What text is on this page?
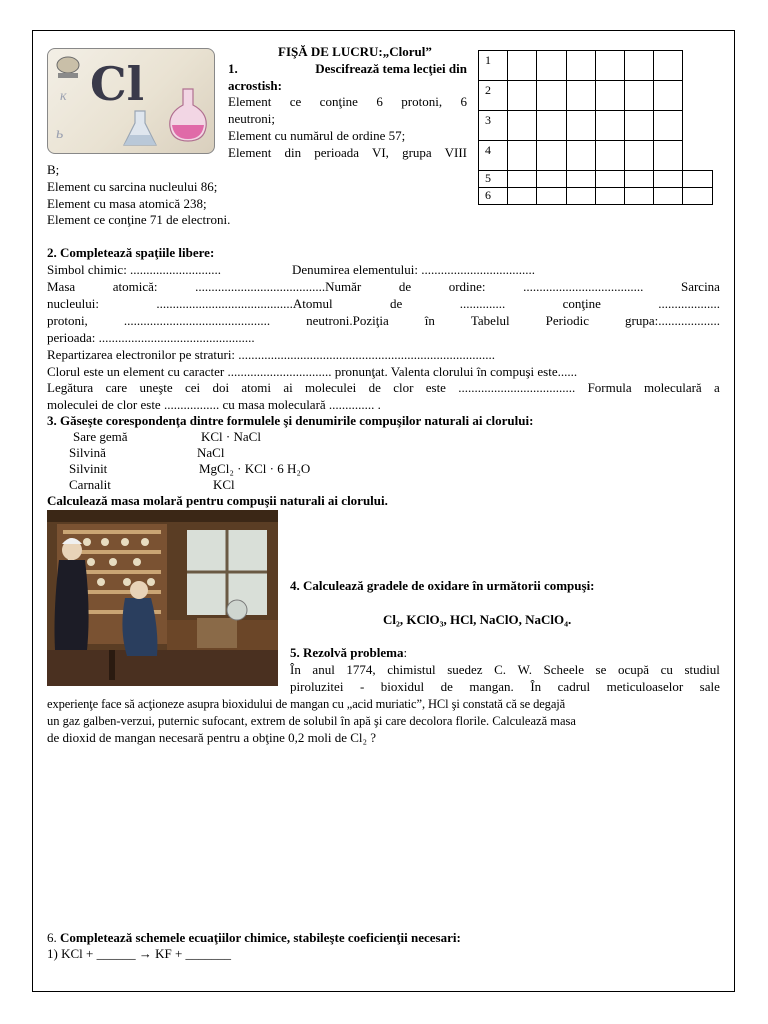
Cl
к
ь
FIŞĂ DE LUCRU:„Clorul”
1.	Descifrează tema lecţiei din
acrostish:
Element ce conţine 6 protoni, 6
neutroni;
Element cu numărul de ordine 57;
Element din perioada VI, grupa VIII
B;
Element cu sarcina nucleului 86;
Element cu masa atomică 238;
Element ce conţine 71 de electroni.
1							
2							
3							
4							
5							
6							
2. Completează spaţiile libere:
Simbol chimic: ............................	Denumirea elementului: ...................................
Masa	atomică:	........................................Număr	de	ordine:	.....................................	Sarcina
nucleului:	..........................................Atomul	de	..............	conţine	...................
protoni,	.............................................	neutroni.Poziţia	în	Tabelul	Periodic	grupa:...................
perioada: ................................................
Repartizarea electronilor pe straturi: ...............................................................................
Clorul este un element cu caracter ................................ pronunţat. Valenta clorului în compuşi este......
Legătura care uneşte cei doi atomi ai moleculei de clor este .................................... Formula moleculară a
moleculei de clor este ................. cu masa moleculară .............. .
3. Găseşte corespondenţa dintre formulele şi denumirile compuşilor naturali ai clorului:
Sare gemă	KCl · NaCl
Silvină	NaCl
Silvinit	MgCl₂ · KCl · 6 H₂O
Carnalit	KCl
Calculează masa molară pentru compuşii naturali ai clorului.
4. Calculează gradele de oxidare în următorii compuşi:
Cl₂, KClO₃, HCl, NaClO, NaClO₄.
5. Rezolvă problema:
În anul 1774, chimistul suedez C. W. Scheele se ocupă cu studiul
piroluzitei - bioxidul de mangan. În cadrul meticuloaselor sale
experienţe face să acţioneze asupra bioxidului de mangan cu „acid muriatic”, HCl şi constată că se degajă
un gaz galben-verzui, puternic sufocant, extrem de solubil în apă şi care decolora florile. Calculează masa
de dioxid de mangan necesară pentru a obţine 0,2 moli de Cl₂ ?
6. Completează schemele ecuaţiilor chimice, stabileşte coeficienţii necesari:
1) KCl + ______ → KF + _______
